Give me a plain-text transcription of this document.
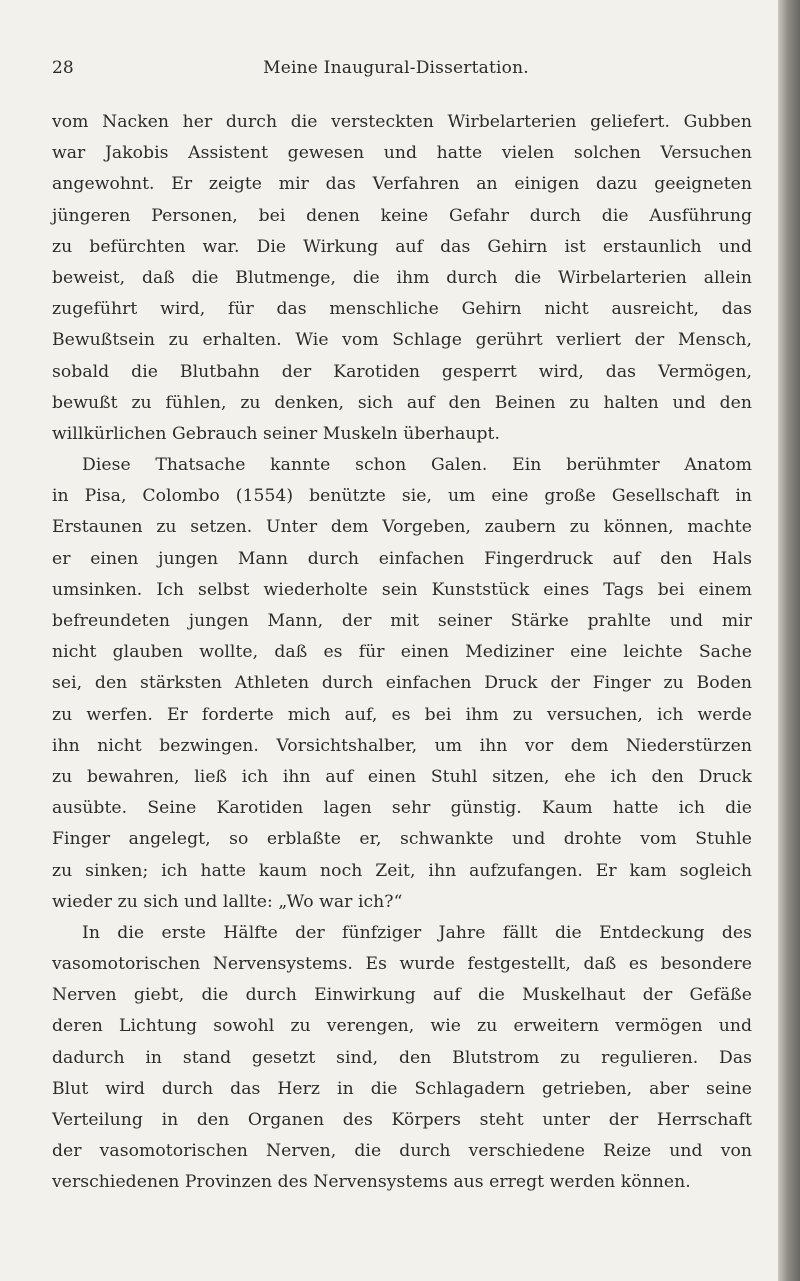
28	Meine Inaugural-Dissertation.
vom Nacken her durch die versteckten Wirbelarterien geliefert. Gubben
war Jakobis Assistent gewesen und hatte vielen solchen Versuchen
angewohnt. Er zeigte mir das Verfahren an einigen dazu geeigneten
jüngeren Personen, bei denen keine Gefahr durch die Ausführung
zu befürchten war. Die Wirkung auf das Gehirn ist erstaunlich und
beweist, daß die Blutmenge, die ihm durch die Wirbelarterien allein
zugeführt wird, für das menschliche Gehirn nicht ausreicht, das
Bewußtsein zu erhalten. Wie vom Schlage gerührt verliert der Mensch,
sobald die Blutbahn der Karotiden gesperrt wird, das Vermögen,
bewußt zu fühlen, zu denken, sich auf den Beinen zu halten und den
willkürlichen Gebrauch seiner Muskeln überhaupt.
Diese Thatsache kannte schon Galen. Ein berühmter Anatom
in Pisa, Colombo (1554) benützte sie, um eine große Gesellschaft in
Erstaunen zu setzen. Unter dem Vorgeben, zaubern zu können, machte
er einen jungen Mann durch einfachen Fingerdruck auf den Hals
umsinken. Ich selbst wiederholte sein Kunststück eines Tags bei einem
befreundeten jungen Mann, der mit seiner Stärke prahlte und mir
nicht glauben wollte, daß es für einen Mediziner eine leichte Sache
sei, den stärksten Athleten durch einfachen Druck der Finger zu Boden
zu werfen. Er forderte mich auf, es bei ihm zu versuchen, ich werde
ihn nicht bezwingen. Vorsichtshalber, um ihn vor dem Niederstürzen
zu bewahren, ließ ich ihn auf einen Stuhl sitzen, ehe ich den Druck
ausübte. Seine Karotiden lagen sehr günstig. Kaum hatte ich die
Finger angelegt, so erblaßte er, schwankte und drohte vom Stuhle
zu sinken; ich hatte kaum noch Zeit, ihn aufzufangen. Er kam sogleich
wieder zu sich und lallte: „Wo war ich?“
In die erste Hälfte der fünfziger Jahre fällt die Entdeckung des
vasomotorischen Nervensystems. Es wurde festgestellt, daß es besondere
Nerven giebt, die durch Einwirkung auf die Muskelhaut der Gefäße
deren Lichtung sowohl zu verengen, wie zu erweitern vermögen und
dadurch in stand gesetzt sind, den Blutstrom zu regulieren. Das
Blut wird durch das Herz in die Schlagadern getrieben, aber seine
Verteilung in den Organen des Körpers steht unter der Herrschaft
der vasomotorischen Nerven, die durch verschiedene Reize und von
verschiedenen Provinzen des Nervensystems aus erregt werden können.
